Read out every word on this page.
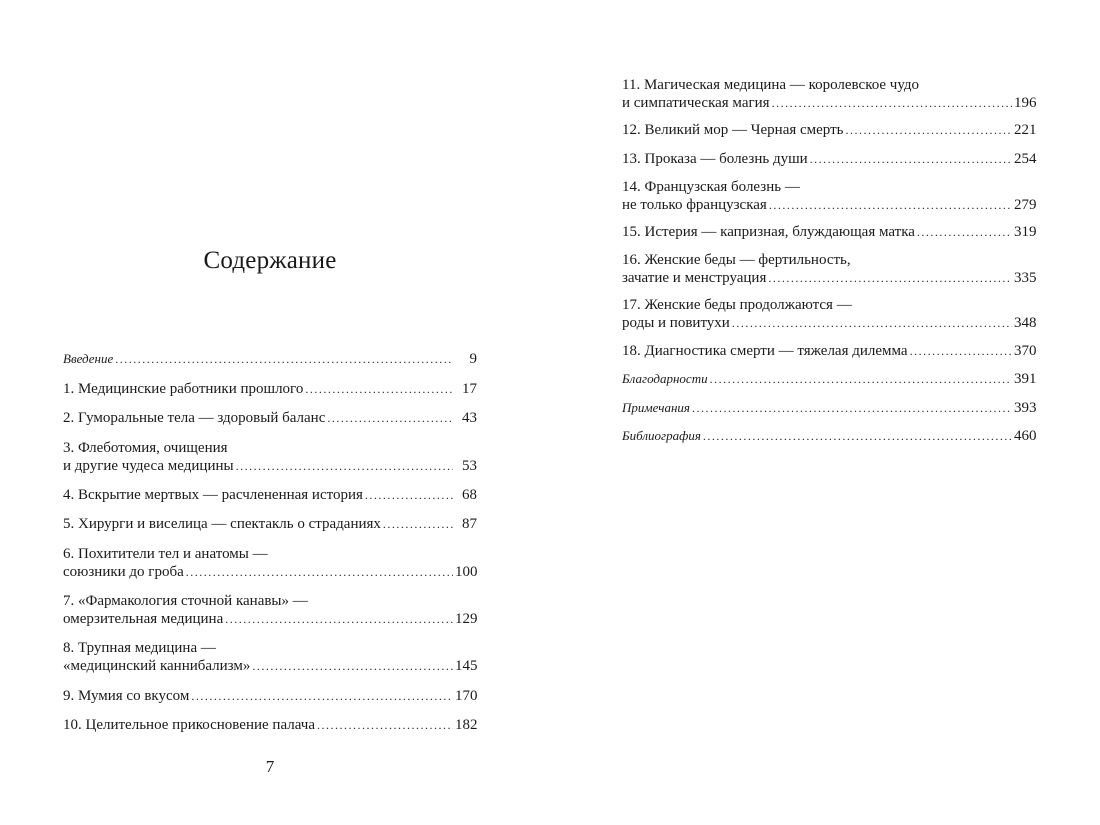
Содержание
Введение .....	9
1. Медицинские работники прошлого .....	17
2. Гуморальные тела — здоровый баланс .....	43
3. Флеботомия, очищения
и другие чудеса медицины .....	53
4. Вскрытие мертвых — расчлененная история .....	68
5. Хирурги и виселица — спектакль о страданиях .....	87
6. Похитители тел и анатомы —
союзники до гроба .....	100
7. «Фармакология сточной канавы» —
омерзительная медицина .....	129
8. Трупная медицина —
«медицинский каннибализм» .....	145
9. Мумия со вкусом .....	170
10. Целительное прикосновение палача .....	182
7
11. Магическая медицина — королевское чудо
и симпатическая магия .....	196
12. Великий мор — Черная смерть .....	221
13. Проказа — болезнь души .....	254
14. Французская болезнь —
не только французская .....	279
15. Истерия — капризная, блуждающая матка .....	319
16. Женские беды — фертильность,
зачатие и менструация .....	335
17. Женские беды продолжаются —
роды и повитухи .....	348
18. Диагностика смерти — тяжелая дилемма .....	370
Благодарности .....	391
Примечания .....	393
Библиография .....	460
